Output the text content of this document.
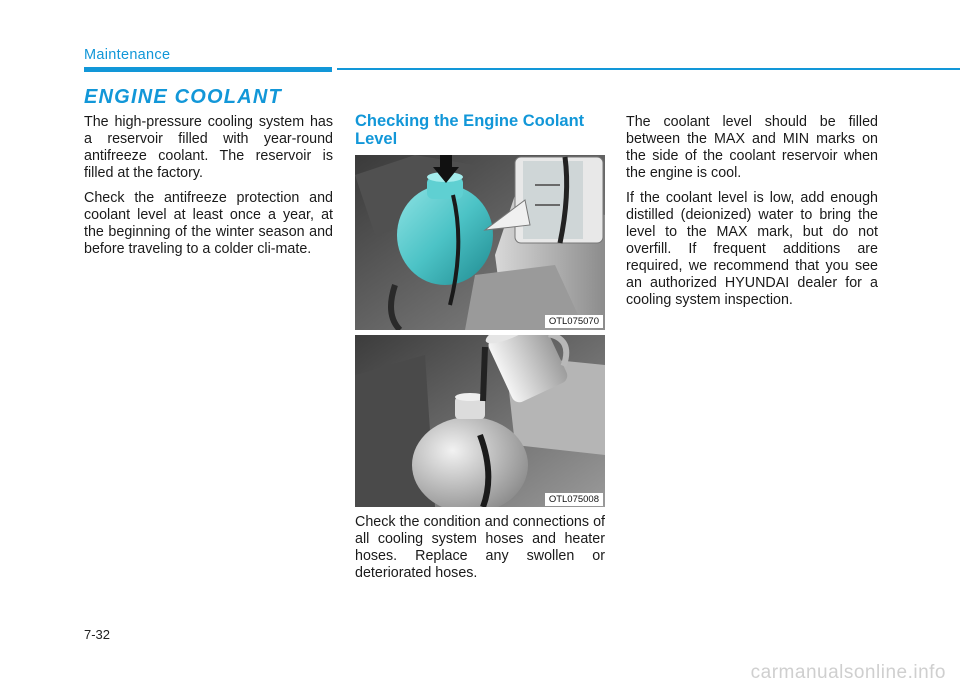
Maintenance
ENGINE COOLANT

The high-pressure cooling system has a reservoir filled with year-round antifreeze coolant. The reservoir is filled at the factory.

Check the antifreeze protection and coolant level at least once a year, at the beginning of the winter season and before traveling to a colder cli-mate.

Checking the Engine Coolant Level
OTL075070
OTL075008

Check the condition and connections of all cooling system hoses and heater hoses. Replace any swollen or deteriorated hoses.

The coolant level should be filled between the MAX and MIN marks on the side of the coolant reservoir when the engine is cool.

If the coolant level is low, add enough distilled (deionized) water to bring the level to the MAX mark, but do not overfill. If frequent additions are required, we recommend that you see an authorized HYUNDAI dealer for a cooling system inspection.

7-32
carmanualsonline.info
